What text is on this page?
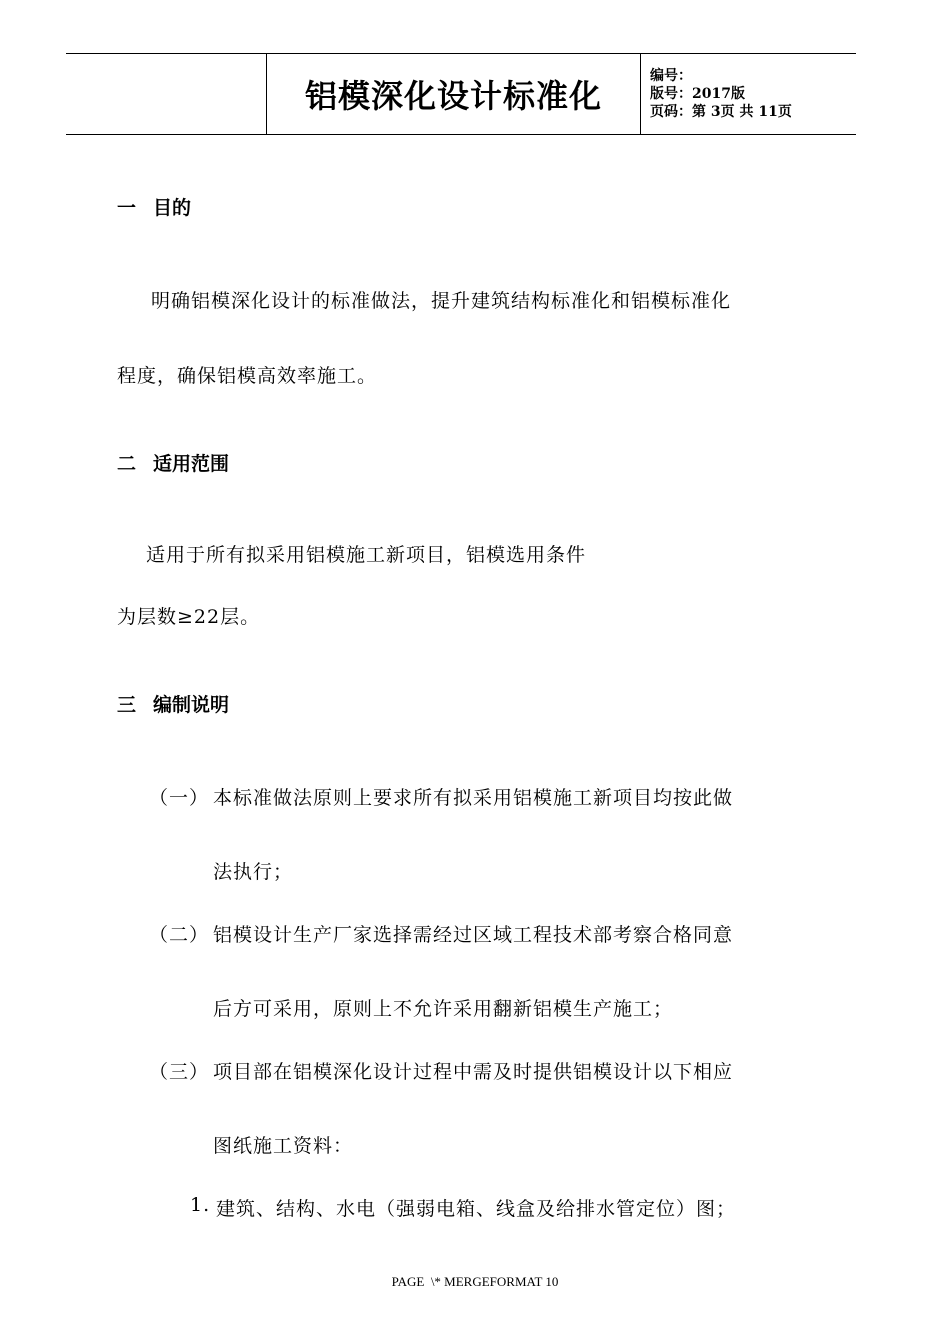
铝模深化设计标准化
编号：
版号：2017版
页码：第 3页 共 11页
一 目的
明确铝模深化设计的标准做法，提升建筑结构标准化和铝模标准化
程度，确保铝模高效率施工。
二 适用范围
适用于所有拟采用铝模施工新项目，铝模选用条件
为层数≥22层。
三 编制说明
（一） 本标准做法原则上要求所有拟采用铝模施工新项目均按此做
法执行；
（二） 铝模设计生产厂家选择需经过区域工程技术部考察合格同意
后方可采用，原则上不允许采用翻新铝模生产施工；
（三） 项目部在铝模深化设计过程中需及时提供铝模设计以下相应
图纸施工资料：
1. 建筑、结构、水电（强弱电箱、线盒及给排水管定位）图；
PAGE  \* MERGEFORMAT 10
